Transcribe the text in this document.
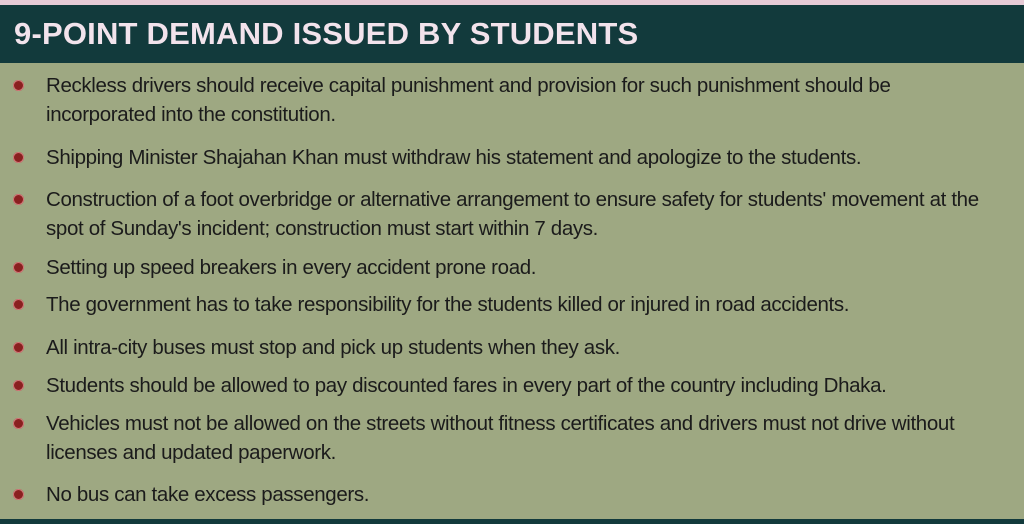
9-POINT DEMAND ISSUED BY STUDENTS
Reckless drivers should receive capital punishment and provision for such punishment should be incorporated into the constitution.
Shipping Minister Shajahan Khan must withdraw his statement and apologize to the students.
Construction of a foot overbridge or alternative arrangement to ensure safety for students' movement at the spot of Sunday's incident; construction must start within 7 days.
Setting up speed breakers in every accident prone road.
The government has to take responsibility for the students killed or injured in road accidents.
All intra-city buses must stop and pick up students when they ask.
Students should be allowed to pay discounted fares in every part of the country including Dhaka.
Vehicles must not be allowed on the streets without fitness certificates and drivers must not drive without licenses and updated paperwork.
No bus can take excess passengers.
